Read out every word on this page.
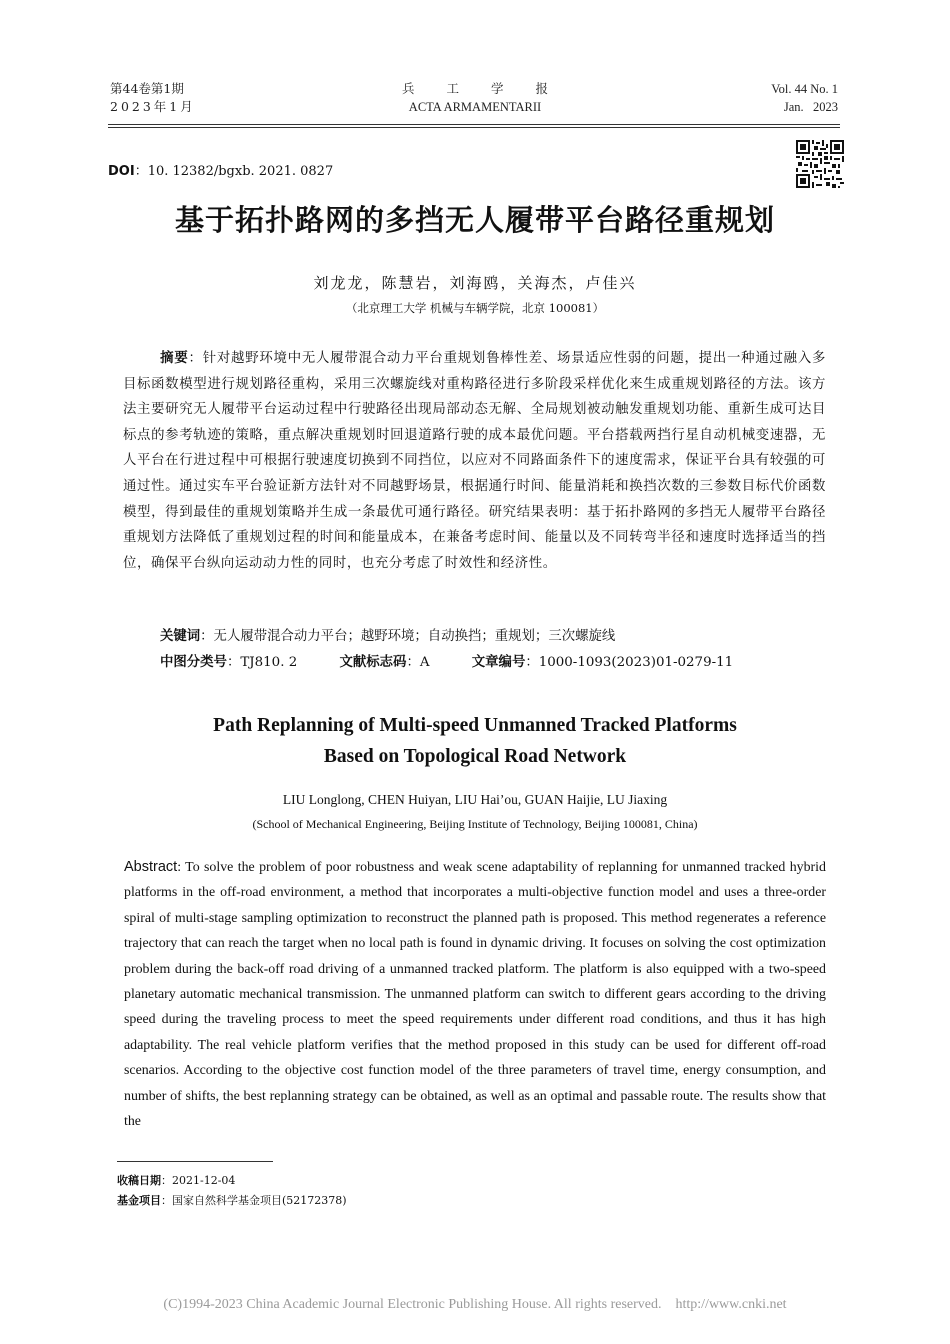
第44卷第1期
2023年1月
兵工学报
ACTA ARMAMENTARII
Vol. 44 No. 1
Jan.   2023
DOI：10. 12382/bgxb. 2021. 0827
基于拓扑路网的多挡无人履带平台路径重规划
刘龙龙，陈慧岩，刘海鸥，关海杰，卢佳兴
（北京理工大学 机械与车辆学院，北京 100081）
摘要：针对越野环境中无人履带混合动力平台重规划鲁棒性差、场景适应性弱的问题，提出一种通过融入多目标函数模型进行规划路径重构，采用三次螺旋线对重构路径进行多阶段采样优化来生成重规划路径的方法。该方法主要研究无人履带平台运动过程中行驶路径出现局部动态无解、全局规划被动触发重规划功能、重新生成可达目标点的参考轨迹的策略，重点解决重规划时回退道路行驶的成本最优问题。平台搭载两挡行星自动机械变速器，无人平台在行进过程中可根据行驶速度切换到不同挡位，以应对不同路面条件下的速度需求，保证平台具有较强的可通过性。通过实车平台验证新方法针对不同越野场景，根据通行时间、能量消耗和换挡次数的三参数目标代价函数模型，得到最佳的重规划策略并生成一条最优可通行路径。研究结果表明：基于拓扑路网的多挡无人履带平台路径重规划方法降低了重规划过程的时间和能量成本，在兼备考虑时间、能量以及不同转弯半径和速度时选择适当的挡位，确保平台纵向运动动力性的同时，也充分考虑了时效性和经济性。
关键词：无人履带混合动力平台；越野环境；自动换挡；重规划；三次螺旋线
中图分类号：TJ810. 2	文献标志码：A	文章编号：1000-1093(2023)01-0279-11
Path Replanning of Multi-speed Unmanned Tracked Platforms
Based on Topological Road Network
LIU Longlong, CHEN Huiyan, LIU Hai’ou, GUAN Haijie, LU Jiaxing
(School of Mechanical Engineering, Beijing Institute of Technology, Beijing 100081, China)
Abstract: To solve the problem of poor robustness and weak scene adaptability of replanning for unmanned tracked hybrid platforms in the off-road environment, a method that incorporates a multi-objective function model and uses a three-order spiral of multi-stage sampling optimization to reconstruct the planned path is proposed. This method regenerates a reference trajectory that can reach the target when no local path is found in dynamic driving. It focuses on solving the cost optimization problem during the back-off road driving of a unmanned tracked platform. The platform is also equipped with a two-speed planetary automatic mechanical transmission. The unmanned platform can switch to different gears according to the driving speed during the traveling process to meet the speed requirements under different road conditions, and thus it has high adaptability. The real vehicle platform verifies that the method proposed in this study can be used for different off-road scenarios. According to the objective cost function model of the three parameters of travel time, energy consumption, and number of shifts, the best replanning strategy can be obtained, as well as an optimal and passable route. The results show that the
收稿日期：2021-12-04
基金项目：国家自然科学基金项目(52172378)
(C)1994-2023 China Academic Journal Electronic Publishing House. All rights reserved.    http://www.cnki.net
